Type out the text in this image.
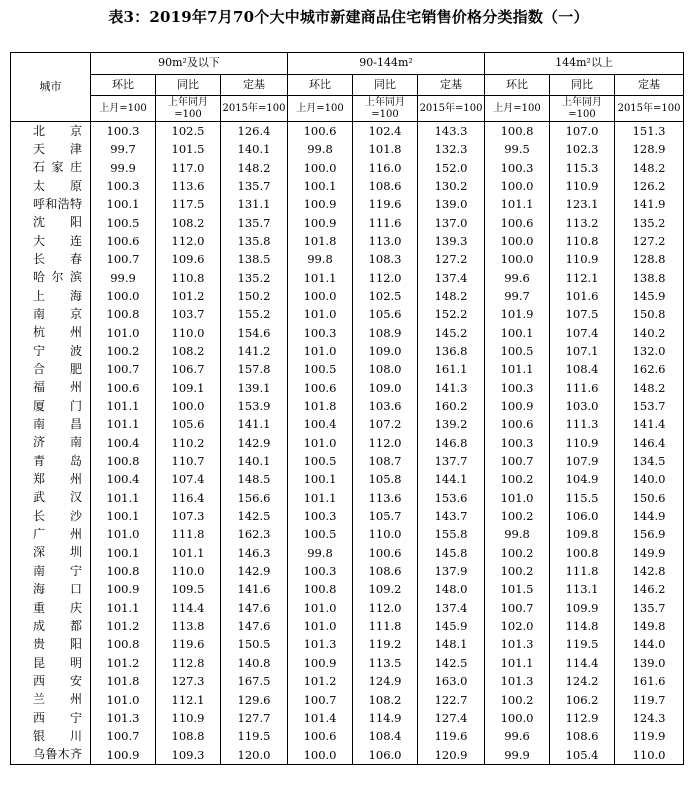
表3：2019年7月70个大中城市新建商品住宅销售价格分类指数（一）
城市	90m²及以下			90-144m²			144m²以上		
	环比	同比	定基	环比	同比	定基	环比	同比	定基
	上月=100	上年同月=100	2015年=100	上月=100	上年同月=100	2015年=100	上月=100	上年同月=100	2015年=100
北京	100.3	102.5	126.4	100.6	102.4	143.3	100.8	107.0	151.3
天津	99.7	101.5	140.1	99.8	101.8	132.3	99.5	102.3	128.9
石家庄	99.9	117.0	148.2	100.0	116.0	152.0	100.3	115.3	148.2
太原	100.3	113.6	135.7	100.1	108.6	130.2	100.0	110.9	126.2
呼和浩特	100.1	117.5	131.1	100.9	119.6	139.0	101.1	123.1	141.9
沈阳	100.5	108.2	135.7	100.9	111.6	137.0	100.6	113.2	135.2
大连	100.6	112.0	135.8	101.8	113.0	139.3	100.0	110.8	127.2
长春	100.7	109.6	138.5	99.8	108.3	127.2	100.0	110.9	128.8
哈尔滨	99.9	110.8	135.2	101.1	112.0	137.4	99.6	112.1	138.8
上海	100.0	101.2	150.2	100.0	102.5	148.2	99.7	101.6	145.9
南京	100.8	103.7	155.2	101.0	105.6	152.2	101.9	107.5	150.8
杭州	101.0	110.0	154.6	100.3	108.9	145.2	100.1	107.4	140.2
宁波	100.2	108.2	141.2	101.0	109.0	136.8	100.5	107.1	132.0
合肥	100.7	106.7	157.8	100.5	108.0	161.1	101.1	108.4	162.6
福州	100.6	109.1	139.1	100.6	109.0	141.3	100.3	111.6	148.2
厦门	101.1	100.0	153.9	101.8	103.6	160.2	100.9	103.0	153.7
南昌	101.1	105.6	141.1	100.4	107.2	139.2	100.6	111.3	141.4
济南	100.4	110.2	142.9	101.0	112.0	146.8	100.3	110.9	146.4
青岛	100.8	110.7	140.1	100.5	108.7	137.7	100.7	107.9	134.5
郑州	100.4	107.4	148.5	100.1	105.8	144.1	100.2	104.9	140.0
武汉	101.1	116.4	156.6	101.1	113.6	153.6	101.0	115.5	150.6
长沙	100.1	107.3	142.5	100.3	105.7	143.7	100.2	106.0	144.9
广州	101.0	111.8	162.3	100.5	110.0	155.8	99.8	109.8	156.9
深圳	100.1	101.1	146.3	99.8	100.6	145.8	100.2	100.8	149.9
南宁	100.8	110.0	142.9	100.3	108.6	137.9	100.2	111.8	142.8
海口	100.9	109.5	141.6	100.8	109.2	148.0	101.5	113.1	146.2
重庆	101.1	114.4	147.6	101.0	112.0	137.4	100.7	109.9	135.7
成都	101.2	113.8	147.6	101.0	111.8	145.9	102.0	114.8	149.8
贵阳	100.8	119.6	150.5	101.3	119.2	148.1	101.3	119.5	144.0
昆明	101.2	112.8	140.8	100.9	113.5	142.5	101.1	114.4	139.0
西安	101.8	127.3	167.5	101.2	124.9	163.0	101.3	124.2	161.6
兰州	101.0	112.1	129.6	100.7	108.2	122.7	100.2	106.2	119.7
西宁	101.3	110.9	127.7	101.4	114.9	127.4	100.0	112.9	124.3
银川	100.7	108.8	119.5	100.6	108.4	119.6	99.6	108.6	119.9
乌鲁木齐	100.9	109.3	120.0	100.0	106.0	120.9	99.9	105.4	110.0
